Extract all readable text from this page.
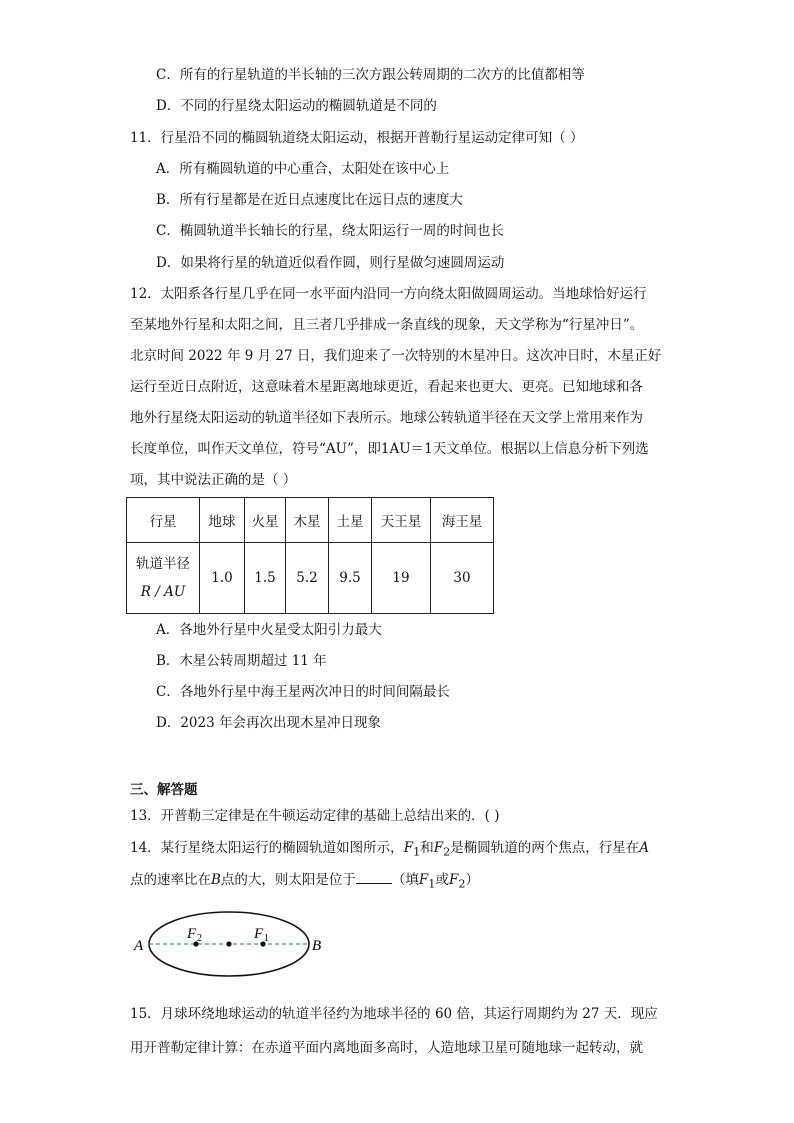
C．所有的行星轨道的半长轴的三次方跟公转周期的二次方的比值都相等
D．不同的行星绕太阳运动的椭圆轨道是不同的
11．行星沿不同的椭圆轨道绕太阳运动，根据开普勒行星运动定律可知（ ）
A．所有椭圆轨道的中心重合，太阳处在该中心上
B．所有行星都是在近日点速度比在远日点的速度大
C．椭圆轨道半长轴长的行星，绕太阳运行一周的时间也长
D．如果将行星的轨道近似看作圆，则行星做匀速圆周运动
12．太阳系各行星几乎在同一水平面内沿同一方向绕太阳做圆周运动。当地球恰好运行
至某地外行星和太阳之间，且三者几乎排成一条直线的现象，天文学称为“行星冲日”。
北京时间 2022 年 9 月 27 日，我们迎来了一次特别的木星冲日。这次冲日时，木星正好
运行至近日点附近，这意味着木星距离地球更近，看起来也更大、更亮。已知地球和各
地外行星绕太阳运动的轨道半径如下表所示。地球公转轨道半径在天文学上常用来作为
长度单位，叫作天文单位，符号“AU”，即1AU＝1天文单位。根据以上信息分析下列选
项，其中说法正确的是（ ）
行星	地球	火星	木星	土星	天王星	海王星

轨道半径
R / AU	1.0	1.5	5.2	9.5	19	30
A．各地外行星中火星受太阳引力最大
B．木星公转周期超过 11 年
C．各地外行星中海王星两次冲日的时间间隔最长
D．2023 年会再次出现木星冲日现象
三、解答题
13．开普勒三定律是在牛顿运动定律的基础上总结出来的．( )
14．某行星绕太阳运行的椭圆轨道如图所示，$F_1$和$F_2$是椭圆轨道的两个焦点，行星在A
点的速率比在B点的大，则太阳是位于	（填$F_1$或$F_2$）
A	B
F 2	F 1
15．月球环绕地球运动的轨道半径约为地球半径的 60 倍，其运行周期约为 27 天．现应
用开普勒定律计算：在赤道平面内离地面多高时，人造地球卫星可随地球一起转动，就
